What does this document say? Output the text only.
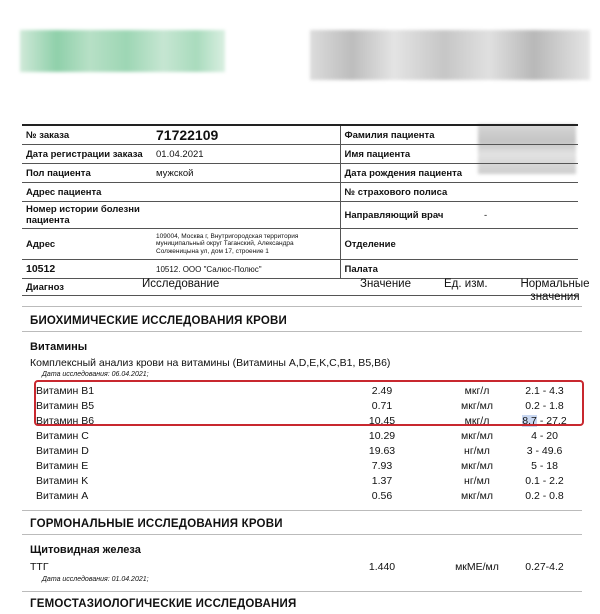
№ заказа	71722109	Фамилия пациента	
Дата регистрации заказа	01.04.2021	Имя пациента	
Пол пациента	мужской	Дата рождения пациента	
Адрес пациента		№ страхового полиса	
Номер истории болезни пациента		Направляющий врач	-
Адрес	109004, Москва г, Внутригородская территория муниципальный округ Таганский, Александра Солженицына ул, дом 17, строение 1	Отделение	
10512	10512. ООО "Салюс-Полюс"	Палата	
Диагноз				Исследование	Значение	Ед. изм.	Нормальные
значения
БИОХИМИЧЕСКИЕ ИССЛЕДОВАНИЯ КРОВИ
Витамины
Комплексный анализ крови на витамины (Витамины A,D,E,K,C,B1, B5,B6)
Дата исследования: 06.04.2021;
Витамин B1	2.49	мкг/л	2.1 - 4.3
Витамин B5	0.71	мкг/мл	0.2 - 1.8
Витамин B6	10.45	мкг/л	8.7 - 27.2
Витамин C	10.29	мкг/мл	4 - 20
Витамин D	19.63	нг/мл	3 - 49.6
Витамин E	7.93	мкг/мл	5 - 18
Витамин K	1.37	нг/мл	0.1 - 2.2
Витамин A	0.56	мкг/мл	0.2 - 0.8
ГОРМОНАЛЬНЫЕ ИССЛЕДОВАНИЯ КРОВИ
Щитовидная железа
ТТГ	1.440	мкМЕ/мл	0.27-4.2
Дата исследования: 01.04.2021;
ГЕМОСТАЗИОЛОГИЧЕСКИЕ ИССЛЕДОВАНИЯ
